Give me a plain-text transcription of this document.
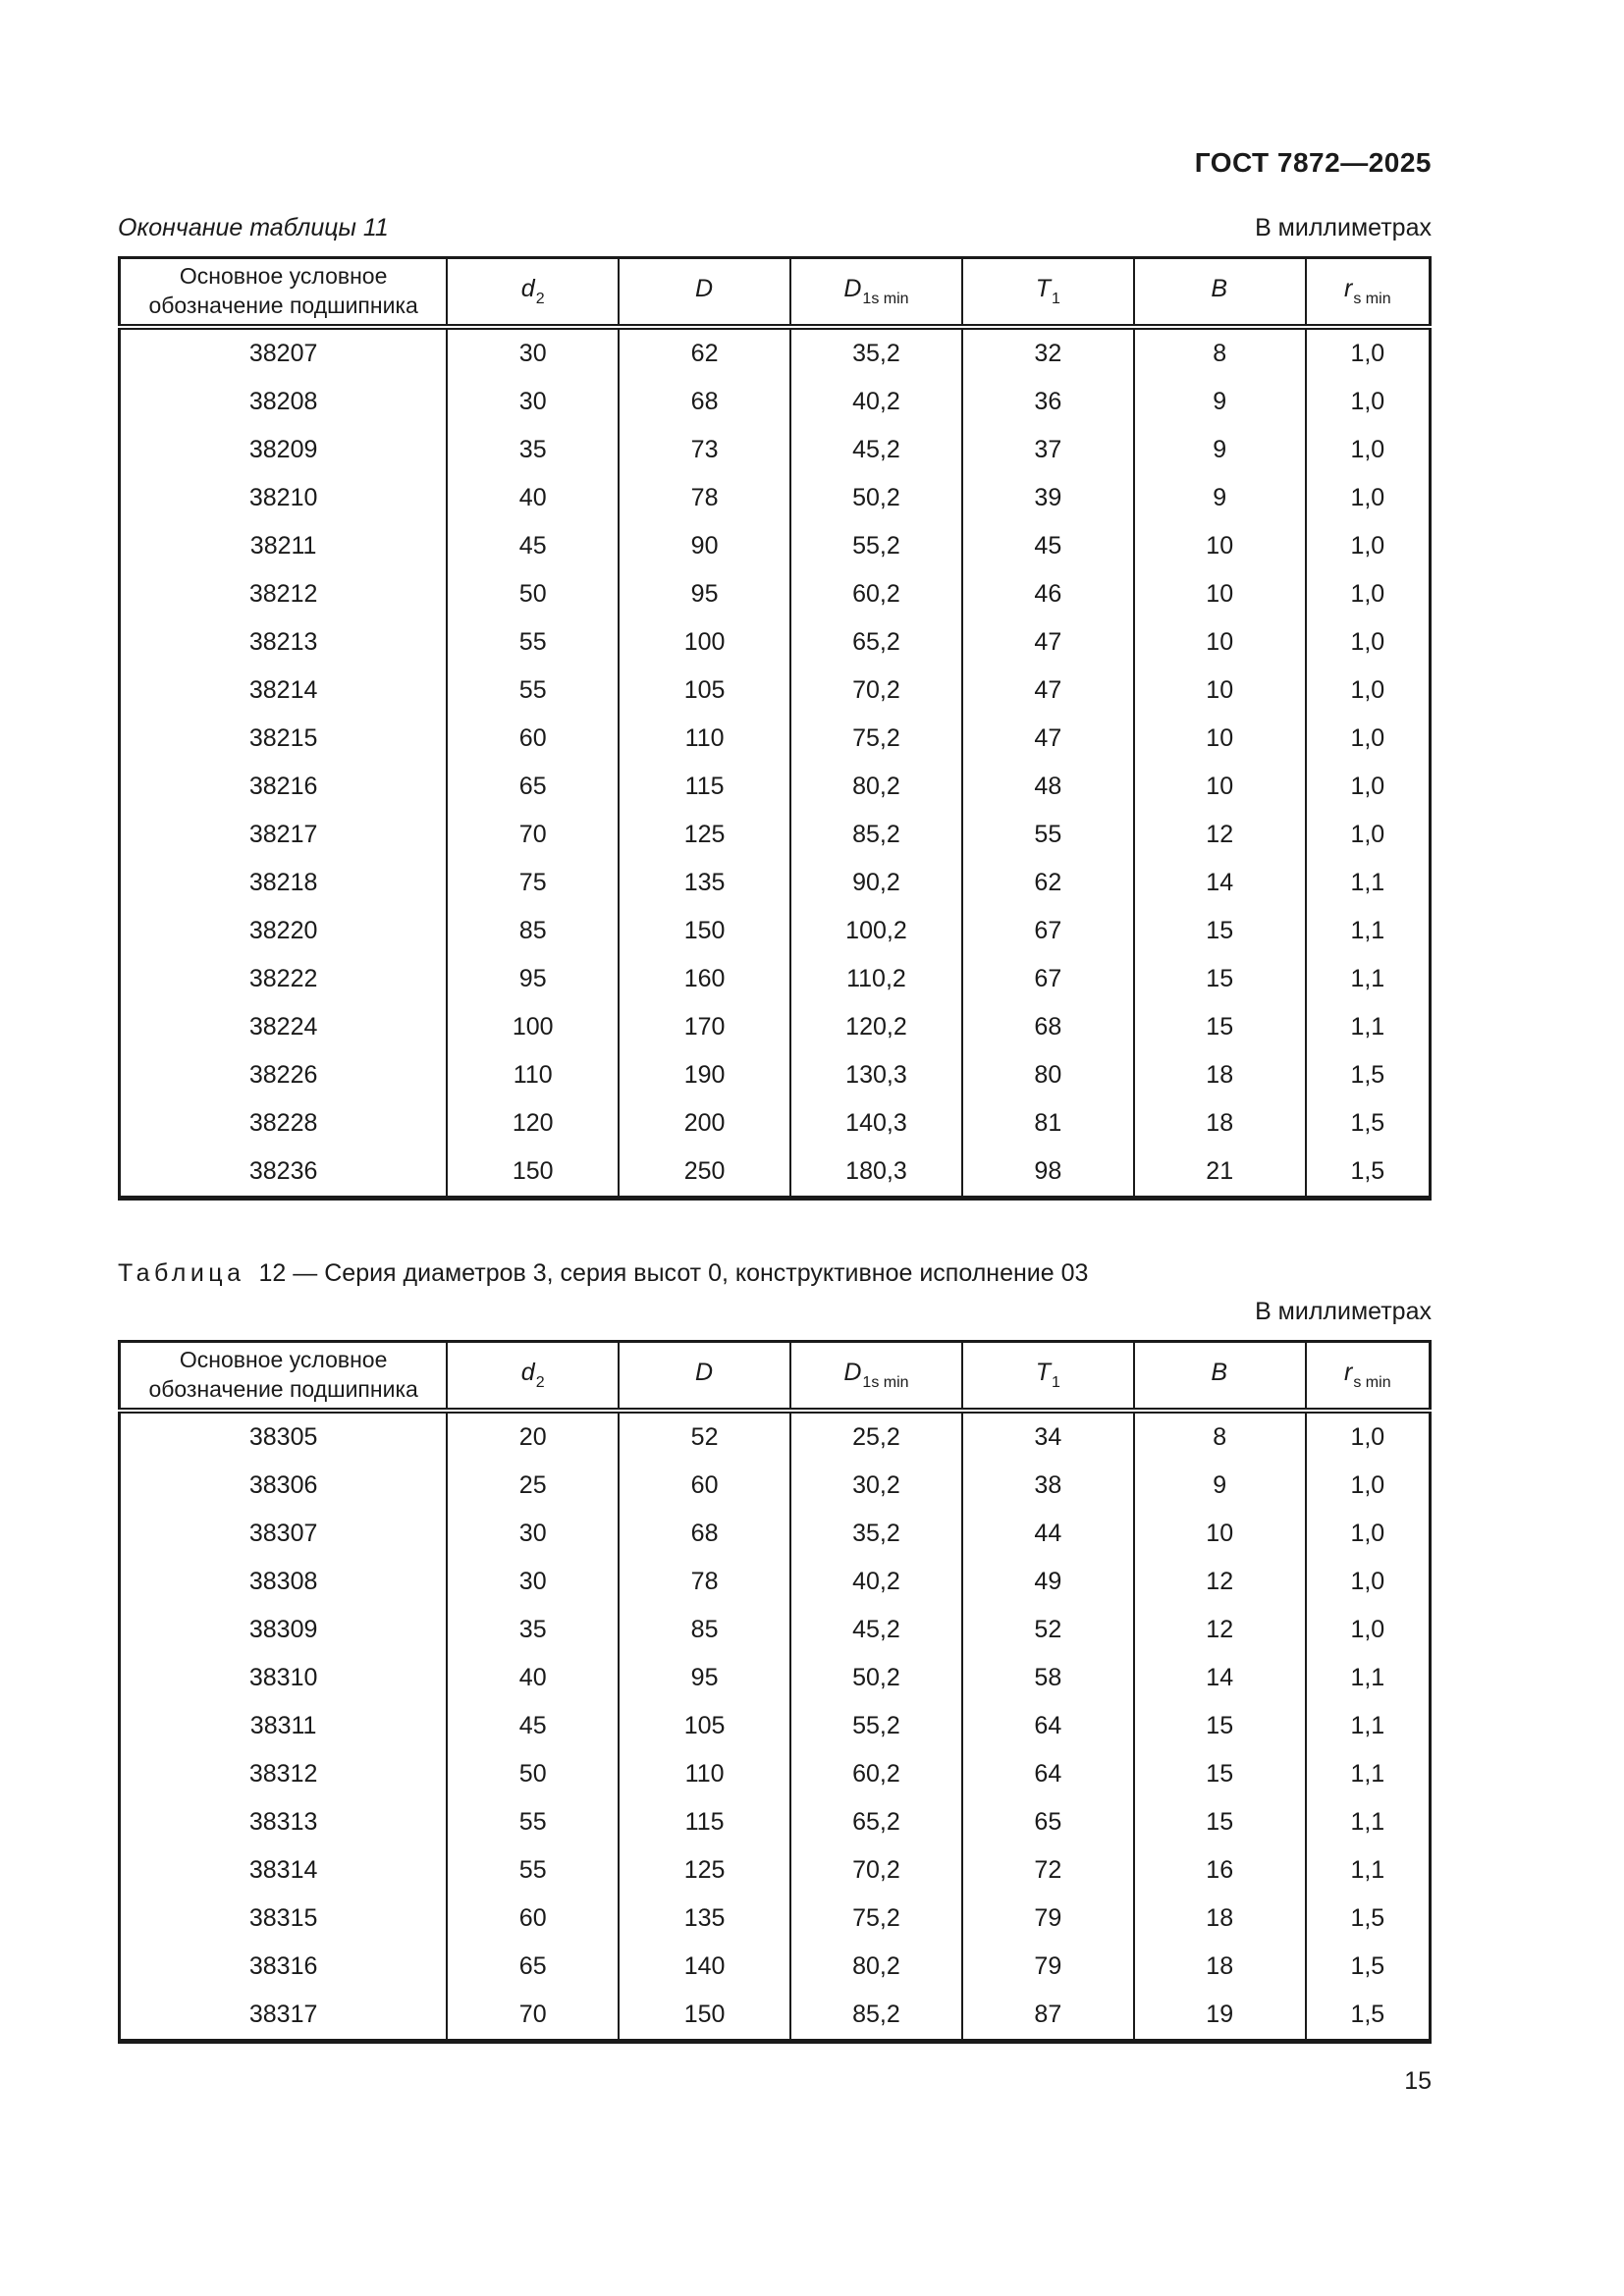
ГОСТ 7872—2025
Окончание таблицы 11	В миллиметрах
Основное условное обозначение подшипника	$d_2$	D	$D_{1s min}$	$T_1$	B	$r_{s min}$
38207	30	62	35,2	32	8	1,0
38208	30	68	40,2	36	9	1,0
38209	35	73	45,2	37	9	1,0
38210	40	78	50,2	39	9	1,0
38211	45	90	55,2	45	10	1,0
38212	50	95	60,2	46	10	1,0
38213	55	100	65,2	47	10	1,0
38214	55	105	70,2	47	10	1,0
38215	60	110	75,2	47	10	1,0
38216	65	115	80,2	48	10	1,0
38217	70	125	85,2	55	12	1,0
38218	75	135	90,2	62	14	1,1
38220	85	150	100,2	67	15	1,1
38222	95	160	110,2	67	15	1,1
38224	100	170	120,2	68	15	1,1
38226	110	190	130,3	80	18	1,5
38228	120	200	140,3	81	18	1,5
38236	150	250	180,3	98	21	1,5
Таблица 12 — Серия диаметров 3, серия высот 0, конструктивное исполнение 03
В миллиметрах
Основное условное обозначение подшипника	$d_2$	D	$D_{1s min}$	$T_1$	B	$r_{s min}$
38305	20	52	25,2	34	8	1,0
38306	25	60	30,2	38	9	1,0
38307	30	68	35,2	44	10	1,0
38308	30	78	40,2	49	12	1,0
38309	35	85	45,2	52	12	1,0
38310	40	95	50,2	58	14	1,1
38311	45	105	55,2	64	15	1,1
38312	50	110	60,2	64	15	1,1
38313	55	115	65,2	65	15	1,1
38314	55	125	70,2	72	16	1,1
38315	60	135	75,2	79	18	1,5
38316	65	140	80,2	79	18	1,5
38317	70	150	85,2	87	19	1,5
15
